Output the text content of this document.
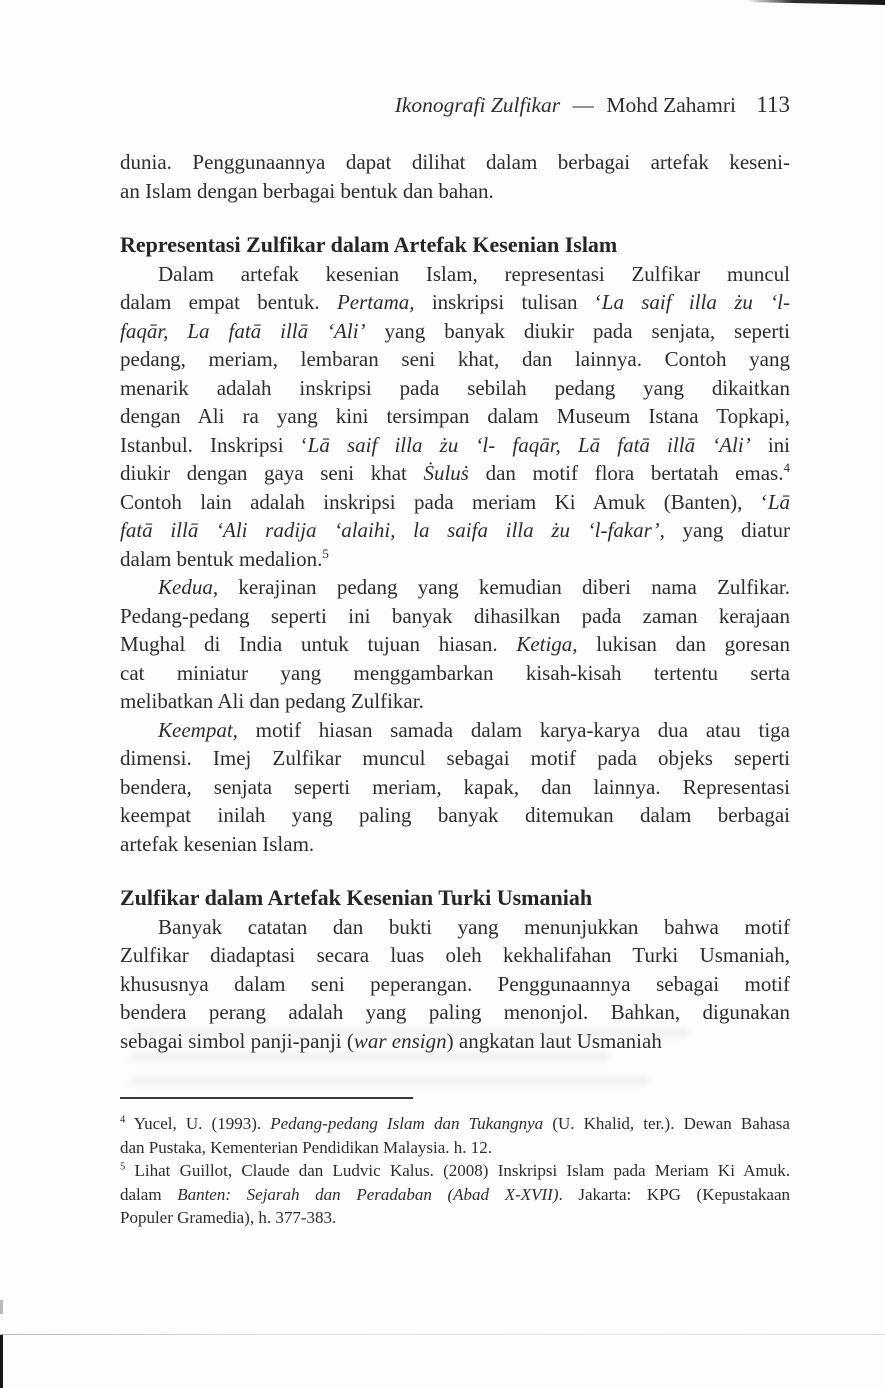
Ikonografi Zulfikar — Mohd Zahamri 113
dunia. Penggunaannya dapat dilihat dalam berbagai artefak keseni-
an Islam dengan berbagai bentuk dan bahan.
Representasi Zulfikar dalam Artefak Kesenian Islam
Dalam artefak kesenian Islam, representasi Zulfikar muncul
dalam empat bentuk. Pertama, inskripsi tulisan ‘La saif illa żu ‘l-
faqār, La fatā illā ‘Ali’ yang banyak diukir pada senjata, seperti
pedang, meriam, lembaran seni khat, dan lainnya. Contoh yang
menarik adalah inskripsi pada sebilah pedang yang dikaitkan
dengan Ali ra yang kini tersimpan dalam Museum Istana Topkapi,
Istanbul. Inskripsi ‘Lā saif illa żu ‘l- faqār, Lā fatā illā ‘Ali’ ini
diukir dengan gaya seni khat Ṡuluṡ dan motif flora bertatah emas.$^4$
Contoh lain adalah inskripsi pada meriam Ki Amuk (Banten), ‘Lā
fatā illā ‘Ali radija ‘alaihi, la saifa illa żu ‘l-fakar’, yang diatur
dalam bentuk medalion.$^5$
Kedua, kerajinan pedang yang kemudian diberi nama Zulfikar.
Pedang-pedang seperti ini banyak dihasilkan pada zaman kerajaan
Mughal di India untuk tujuan hiasan. Ketiga, lukisan dan goresan
cat miniatur yang menggambarkan kisah-kisah tertentu serta
melibatkan Ali dan pedang Zulfikar.
Keempat, motif hiasan samada dalam karya-karya dua atau tiga
dimensi. Imej Zulfikar muncul sebagai motif pada objeks seperti
bendera, senjata seperti meriam, kapak, dan lainnya. Representasi
keempat inilah yang paling banyak ditemukan dalam berbagai
artefak kesenian Islam.
Zulfikar dalam Artefak Kesenian Turki Usmaniah
Banyak catatan dan bukti yang menunjukkan bahwa motif
Zulfikar diadaptasi secara luas oleh kekhalifahan Turki Usmaniah,
khususnya dalam seni peperangan. Penggunaannya sebagai motif
bendera perang adalah yang paling menonjol. Bahkan, digunakan
sebagai simbol panji-panji (war ensign) angkatan laut Usmaniah
$^4$ Yucel, U. (1993). Pedang-pedang Islam dan Tukangnya (U. Khalid, ter.). Dewan Bahasa
dan Pustaka, Kementerian Pendidikan Malaysia. h. 12.
$^5$ Lihat Guillot, Claude dan Ludvic Kalus. (2008) Inskripsi Islam pada Meriam Ki Amuk.
dalam Banten: Sejarah dan Peradaban (Abad X-XVII). Jakarta: KPG (Kepustakaan
Populer Gramedia), h. 377-383.
